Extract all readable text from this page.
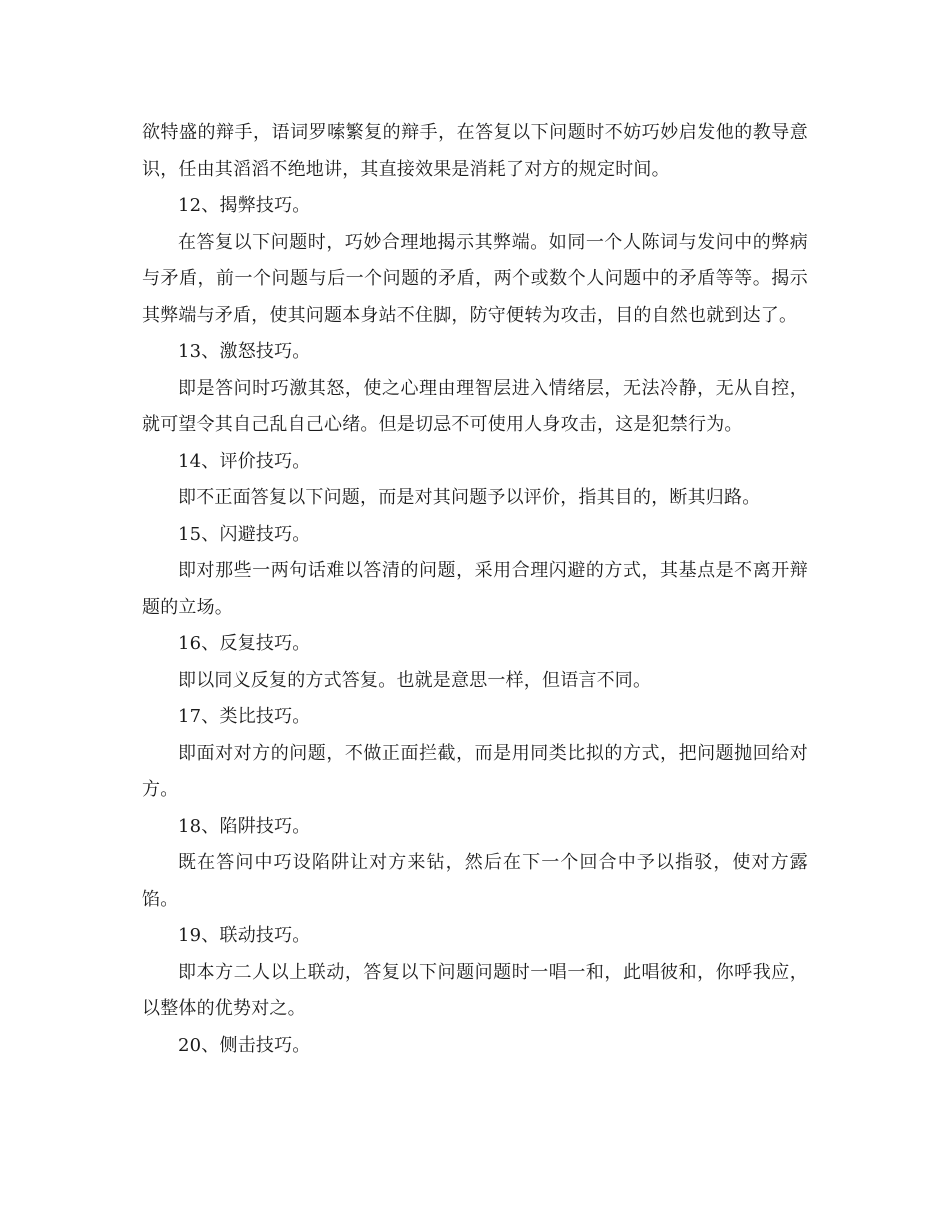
欲特盛的辩手，语词罗嗦繁复的辩手，在答复以下问题时不妨巧妙启发他的教导意识，任由其滔滔不绝地讲，其直接效果是消耗了对方的规定时间。

12、揭弊技巧。

在答复以下问题时，巧妙合理地揭示其弊端。如同一个人陈词与发问中的弊病与矛盾，前一个问题与后一个问题的矛盾，两个或数个人问题中的矛盾等等。揭示其弊端与矛盾，使其问题本身站不住脚，防守便转为攻击，目的自然也就到达了。

13、激怒技巧。

即是答问时巧激其怒，使之心理由理智层进入情绪层，无法冷静，无从自控，就可望令其自己乱自己心绪。但是切忌不可使用人身攻击，这是犯禁行为。

14、评价技巧。

即不正面答复以下问题，而是对其问题予以评价，指其目的，断其归路。

15、闪避技巧。

即对那些一两句话难以答清的问题，采用合理闪避的方式，其基点是不离开辩题的立场。

16、反复技巧。

即以同义反复的方式答复。也就是意思一样，但语言不同。

17、类比技巧。

即面对对方的问题，不做正面拦截，而是用同类比拟的方式，把问题抛回给对方。

18、陷阱技巧。

既在答问中巧设陷阱让对方来钻，然后在下一个回合中予以指驳，使对方露馅。

19、联动技巧。

即本方二人以上联动，答复以下问题问题时一唱一和，此唱彼和，你呼我应，以整体的优势对之。

20、侧击技巧。
